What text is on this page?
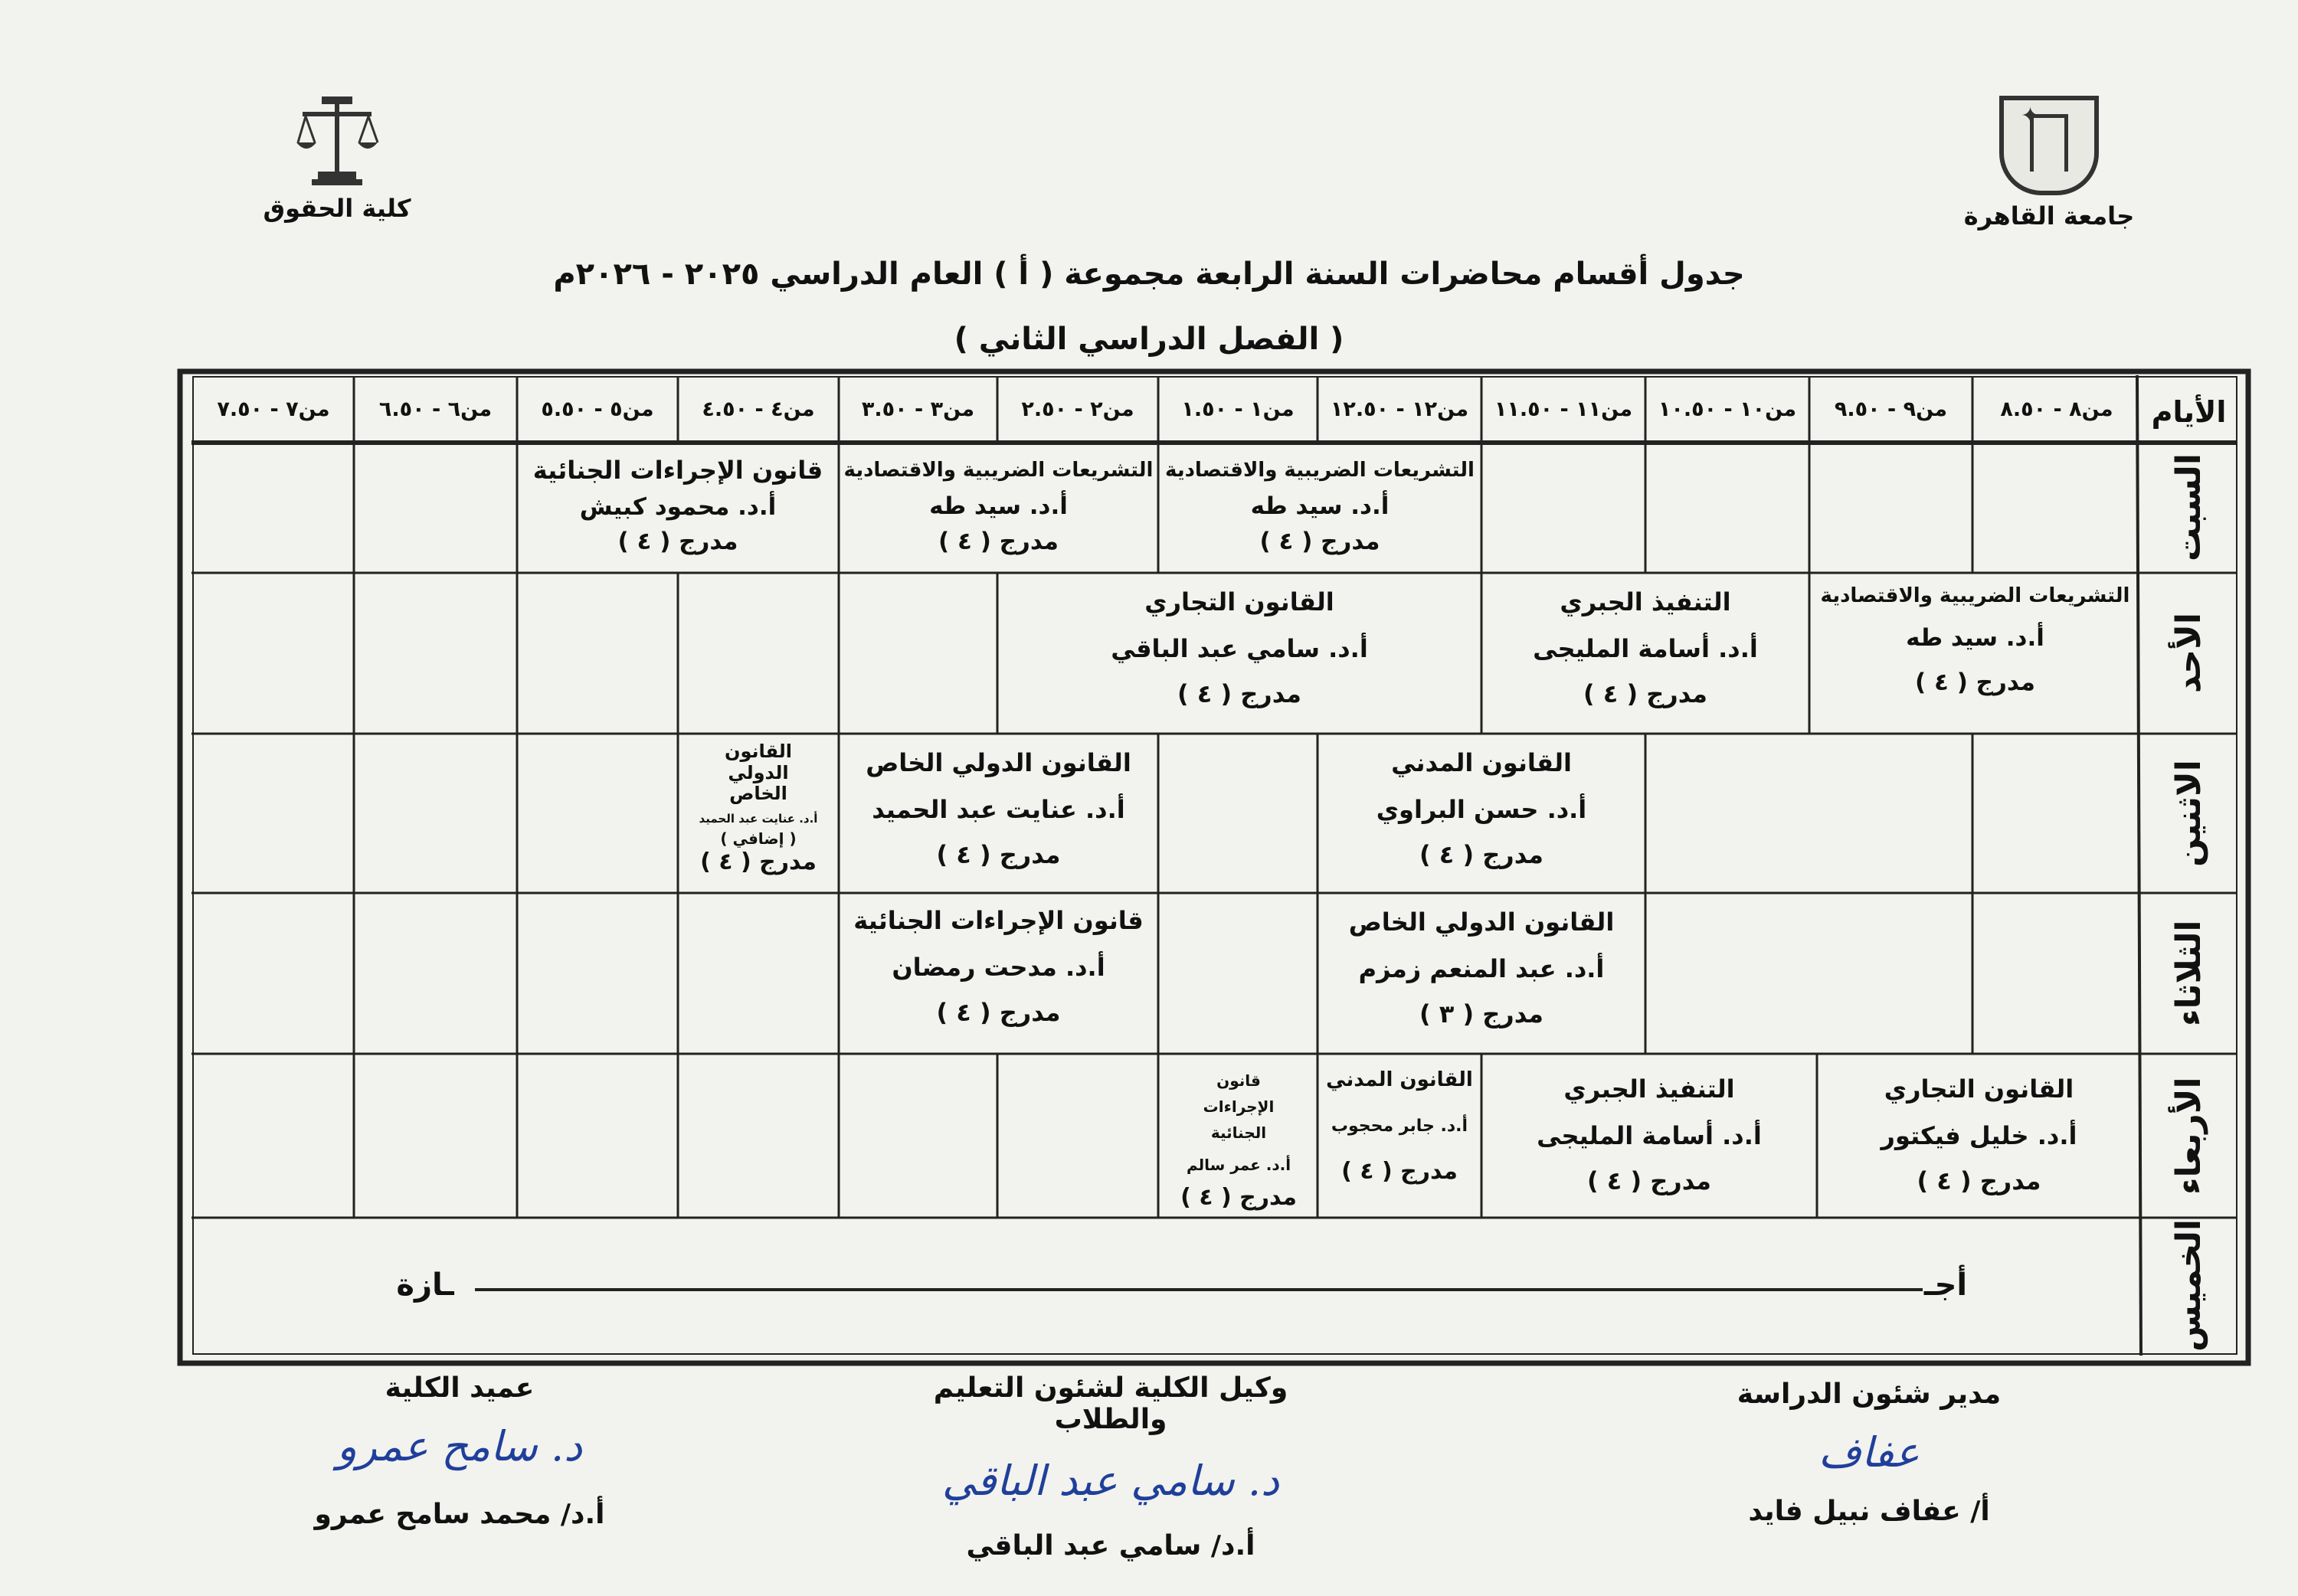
✦
جامعة القاهرة
كلية الحقوق
جدول أقسام محاضرات السنة الرابعة مجموعة ( أ ) العام الدراسي ٢٠٢٥ - ٢٠٢٦م
( الفصل الدراسي الثاني )
الأيام
من٨ - ٨.٥٠
من٩ - ٩.٥٠
من١٠ - ١٠.٥٠
من١١ - ١١.٥٠
من١٢ - ١٢.٥٠
من١ - ١.٥٠
من٢ - ٢.٥٠
من٣ - ٣.٥٠
من٤ - ٤.٥٠
من٥ - ٥.٥٠
من٦ - ٦.٥٠
من٧ - ٧.٥٠
السبت
الأحد
الاثنين
الثلاثاء
الأربعاء
الخميس
التشريعات الضريبية والاقتصادية
أ.د. سيد طه
مدرج ( ٤ )
التشريعات الضريبية والاقتصادية
أ.د. سيد طه
مدرج ( ٤ )
قانون الإجراءات الجنائية
أ.د. محمود كبيش
مدرج ( ٤ )
التشريعات الضريبية والاقتصادية
أ.د. سيد طه
مدرج ( ٤ )
التنفيذ الجبري
أ.د. أسامة المليجى
مدرج ( ٤ )
القانون التجاري
أ.د. سامي عبد الباقي
مدرج ( ٤ )
القانون المدني
أ.د. حسن البراوي
مدرج ( ٤ )
القانون الدولي الخاص
أ.د. عنايت عبد الحميد
مدرج ( ٤ )
القانون الدولي الخاص
أ.د. عنايت عبد الحميد
( إضافي )
مدرج ( ٤ )
القانون الدولي الخاص
أ.د. عبد المنعم زمزم
مدرج ( ٣ )
قانون الإجراءات الجنائية
أ.د. مدحت رمضان
مدرج ( ٤ )
القانون التجاري
أ.د. خليل فيكتور
مدرج ( ٤ )
التنفيذ الجبري
أ.د. أسامة المليجى
مدرج ( ٤ )
القانون المدني
أ.د. جابر محجوب
مدرج ( ٤ )
قانون الإجراءات الجنائية
أ.د. عمر سالم
مدرج ( ٤ )
أجـ
ـازة
مدير شئون الدراسة
عفاف
أ/ عفاف نبيل فايد
وكيل الكلية لشئون التعليم والطلاب
د. سامي عبد الباقي
أ.د/ سامي عبد الباقي
عميد الكلية
د. سامح عمرو
أ.د/ محمد سامح عمرو
